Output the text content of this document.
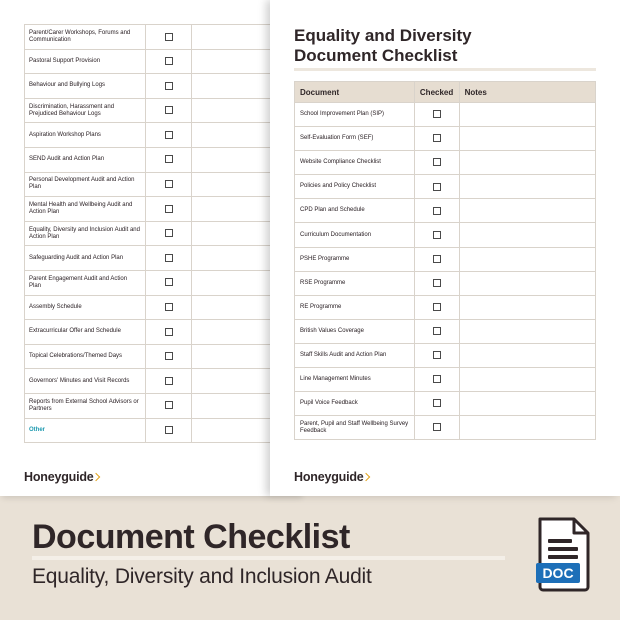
Parent/Carer Workshops, Forums and Communication		
Pastoral Support Provision		
Behaviour and Bullying Logs		
Discrimination, Harassment and Prejudiced Behaviour Logs		
Aspiration Workshop Plans		
SEND Audit and Action Plan		
Personal Development Audit and Action Plan		
Mental Health and Wellbeing Audit and Action Plan		
Equality, Diversity and Inclusion Audit and Action Plan		
Safeguarding Audit and Action Plan		
Parent Engagement Audit and Action Plan		
Assembly Schedule		
Extracurricular Offer and Schedule		
Topical Celebrations/Themed Days		
Governors' Minutes and Visit Records		
Reports from External School Advisors or Partners		
Other		
Honeyguide
Equality and Diversity
Document Checklist
Document	Checked	Notes
School Improvement Plan (SIP)		
Self-Evaluation Form (SEF)		
Website Compliance Checklist		
Policies and Policy Checklist		
CPD Plan and Schedule		
Curriculum Documentation		
PSHE Programme		
RSE Programme		
RE Programme		
British Values Coverage		
Staff Skills Audit and Action Plan		
Line Management Minutes		
Pupil Voice Feedback		
Parent, Pupil and Staff Wellbeing Survey Feedback		
Honeyguide
Document Checklist
Equality, Diversity and Inclusion Audit	DOC
